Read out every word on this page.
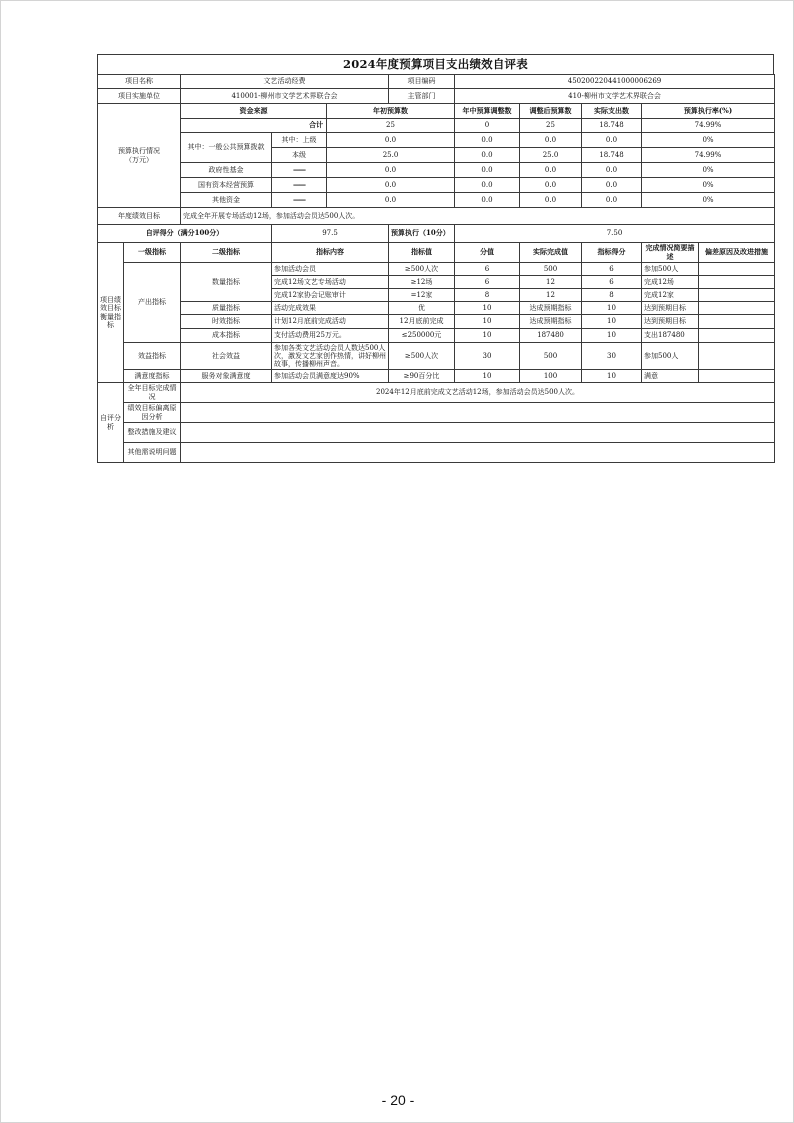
2024年度预算项目支出绩效自评表
项目名称	文艺活动经费	项目编码	450200220441000006269
项目实施单位	410001-柳州市文学艺术界联合会	主管部门	410-柳州市文学艺术界联合会
预算执行情况
（万元）	资金来源		年初预算数	年中预算调整数	调整后预算数	实际支出数	预算执行率(%)
	合计		25	0	25	18.748	74.99%
	其中：一般公共预算拨款	其中：上级	0.0	0.0	0.0	0.0	0%
		本级	25.0	0.0	25.0	18.748	74.99%
	政府性基金	——	0.0	0.0	0.0	0.0	0%
	国有资本经营预算	——	0.0	0.0	0.0	0.0	0%
	其他资金	——	0.0	0.0	0.0	0.0	0%
年度绩效目标	完成全年开展专场活动12场，参加活动会员达500人次。
自评得分（满分100分）	97.5	预算执行（10分）	7.50
项目绩效目标衡量指标	一级指标	二级指标	指标内容	指标值	分值	实际完成值	指标得分	完成情况简要描述	偏差原因及改进措施
	产出指标	数量指标	参加活动会员	≥500人次	6	500	6	参加500人	
			完成12场文艺专场活动	≥12场	6	12	6	完成12场	
			完成12家协会记账审计	=12家	8	12	8	完成12家	
		质量指标	活动完成效果	优	10	达成预期指标	10	达到预期目标	
		时效指标	计划12月底前完成活动	12月底前完成	10	达成预期指标	10	达到预期目标	
		成本指标	支付活动费用25万元。	≤250000元	10	187480	10	支出187480	
	效益指标	社会效益	参加各类文艺活动会员人数达500人次，激发文艺家创作热情，讲好柳州故事，传播柳州声音。	≥500人次	30	500	30	参加500人	
	满意度指标	服务对象满意度	参加活动会员满意度达90%	≥90百分比	10	100	10	满意	
自评分析	全年目标完成情况	2024年12月底前完成文艺活动12场，参加活动会员达500人次。
	绩效目标偏离原因分析	
	整改措施及建议	
	其他需说明问题	
- 20 -
